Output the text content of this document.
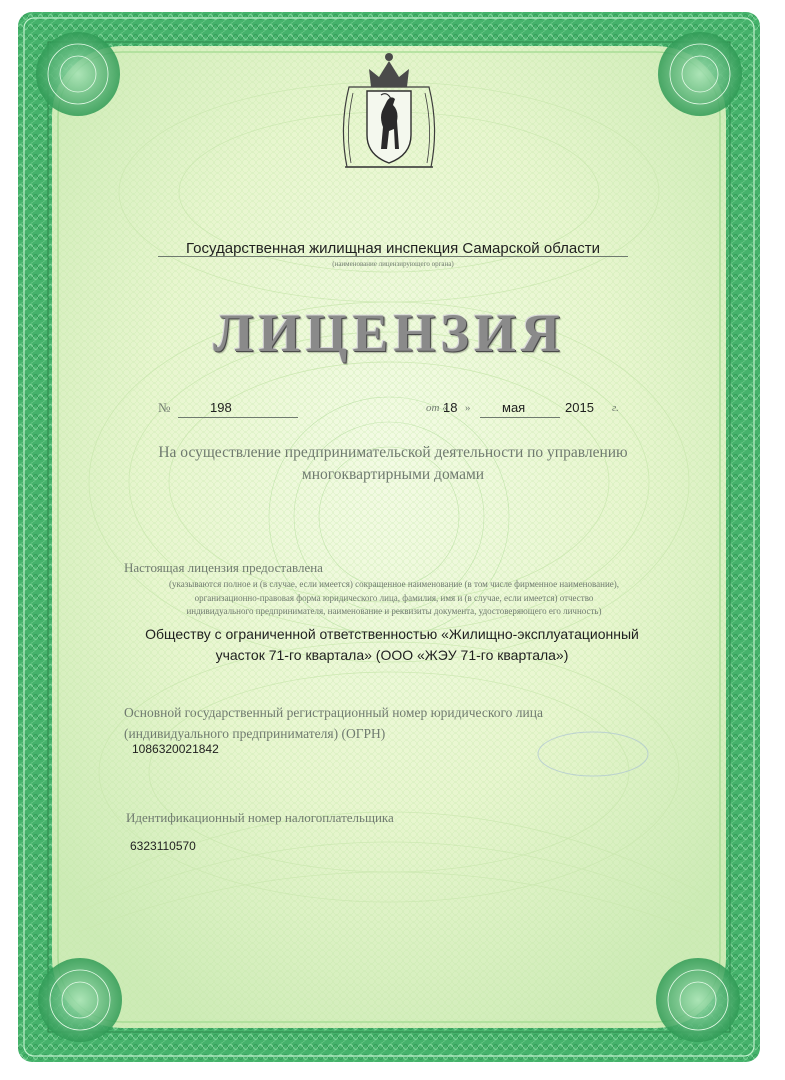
Государственная жилищная инспекция Самарской области
(наименование лицензирующего органа)
ЛИЦЕНЗИЯ
№	198	от «
18 » мая	2015 г.
На осуществление предпринимательской деятельности по управлению
многоквартирными домами
Настоящая лицензия предоставлена
(указываются полное и (в случае, если имеется) сокращенное наименование (в том числе фирменное наименование),
организационно-правовая форма юридического лица, фамилия, имя и (в случае, если имеется) отчество
индивидуального предпринимателя, наименование и реквизиты документа, удостоверяющего его личность)
Обществу с ограниченной ответственностью «Жилищно-эксплуатационный
участок 71-го квартала» (ООО «ЖЭУ 71-го квартала»)
Основной государственный регистрационный номер юридического лица
(индивидуального предпринимателя) (ОГРН)
1086320021842
Идентификационный номер налогоплательщика
6323110570
